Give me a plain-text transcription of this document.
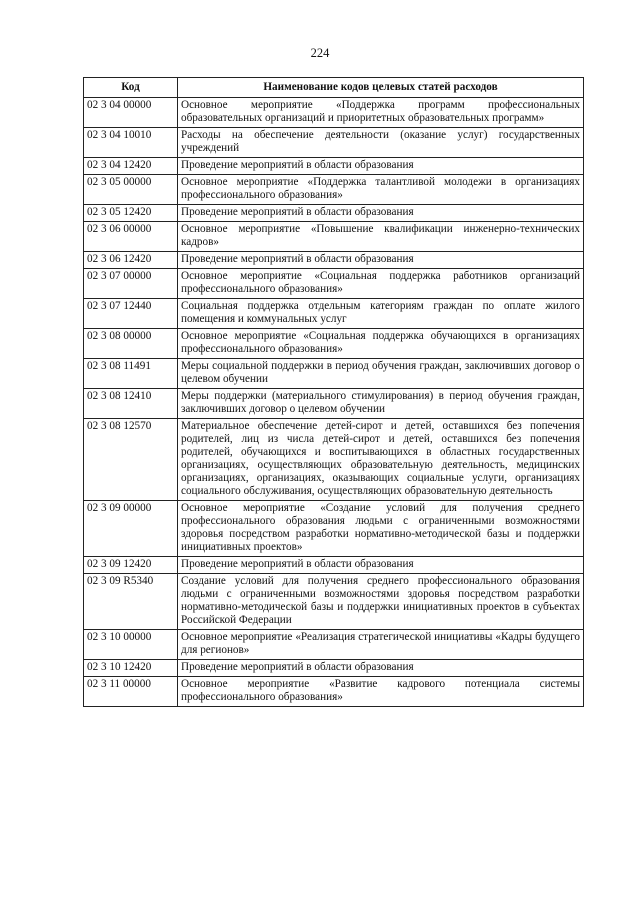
224
Код	Наименование кодов целевых статей расходов
02 3 04 00000	Основное мероприятие «Поддержка программ профессиональных образовательных организаций и приоритетных образовательных программ»
02 3 04 10010	Расходы на обеспечение деятельности (оказание услуг) государственных учреждений
02 3 04 12420	Проведение мероприятий в области образования
02 3 05 00000	Основное мероприятие «Поддержка талантливой молодежи в организациях профессионального образования»
02 3 05 12420	Проведение мероприятий в области образования
02 3 06 00000	Основное мероприятие «Повышение квалификации инженерно-технических кадров»
02 3 06 12420	Проведение мероприятий в области образования
02 3 07 00000	Основное мероприятие «Социальная поддержка работников организаций профессионального образования»
02 3 07 12440	Социальная поддержка отдельным категориям граждан по оплате жилого помещения и коммунальных услуг
02 3 08 00000	Основное мероприятие «Социальная поддержка обучающихся в организациях профессионального образования»
02 3 08 11491	Меры социальной поддержки в период обучения граждан, заключивших договор о целевом обучении
02 3 08 12410	Меры поддержки (материального стимулирования) в период обучения граждан, заключивших договор о целевом обучении
02 3 08 12570	Материальное обеспечение детей-сирот и детей, оставшихся без попечения родителей, лиц из числа детей-сирот и детей, оставшихся без попечения родителей, обучающихся и воспитывающихся в областных государственных организациях, осуществляющих образовательную деятельность, медицинских организациях, организациях, оказывающих социальные услуги, организациях социального обслуживания, осуществляющих образовательную деятельность
02 3 09 00000	Основное мероприятие «Создание условий для получения среднего профессионального образования людьми с ограниченными возможностями здоровья посредством разработки нормативно-методической базы и поддержки инициативных проектов»
02 3 09 12420	Проведение мероприятий в области образования
02 3 09 R5340	Создание условий для получения среднего профессионального образования людьми с ограниченными возможностями здоровья посредством разработки нормативно-методической базы и поддержки инициативных проектов в субъектах Российской Федерации
02 3 10 00000	Основное мероприятие «Реализация стратегической инициативы «Кадры будущего для регионов»
02 3 10 12420	Проведение мероприятий в области образования
02 3 11 00000	Основное мероприятие «Развитие кадрового потенциала системы профессионального образования»
